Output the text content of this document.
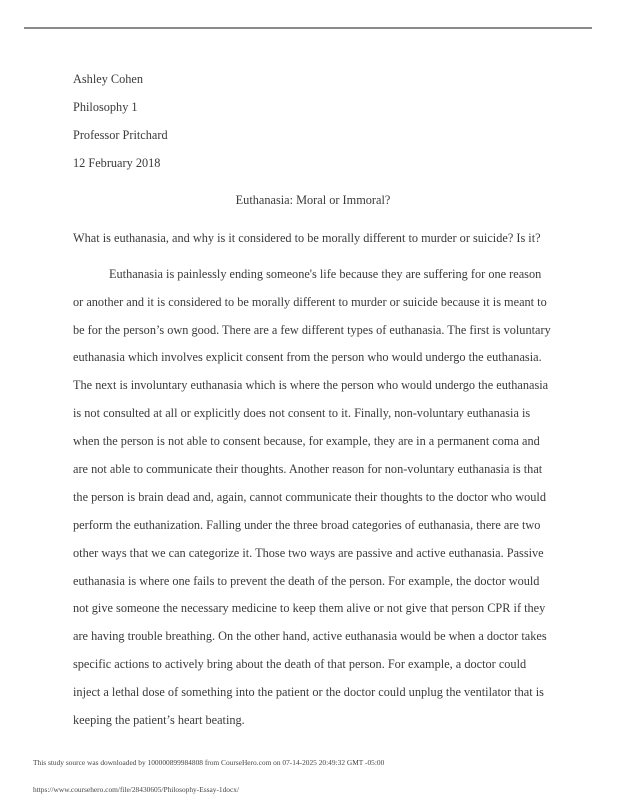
Ashley Cohen
Philosophy 1
Professor Pritchard
12 February 2018
Euthanasia: Moral or Immoral?
What is euthanasia, and why is it considered to be morally different to murder or suicide? Is it?
Euthanasia is painlessly ending someone's life because they are suffering for one reason
or another and it is considered to be morally different to murder or suicide because it is meant to
be for the person’s own good. There are a few different types of euthanasia. The first is voluntary
euthanasia which involves explicit consent from the person who would undergo the euthanasia.
The next is involuntary euthanasia which is where the person who would undergo the euthanasia
is not consulted at all or explicitly does not consent to it. Finally, non-voluntary euthanasia is
when the person is not able to consent because, for example, they are in a permanent coma and
are not able to communicate their thoughts. Another reason for non-voluntary euthanasia is that
the person is brain dead and, again, cannot communicate their thoughts to the doctor who would
perform the euthanization. Falling under the three broad categories of euthanasia, there are two
other ways that we can categorize it. Those two ways are passive and active euthanasia. Passive
euthanasia is where one fails to prevent the death of the person. For example, the doctor would
not give someone the necessary medicine to keep them alive or not give that person CPR if they
are having trouble breathing. On the other hand, active euthanasia would be when a doctor takes
specific actions to actively bring about the death of that person. For example, a doctor could
inject a lethal dose of something into the patient or the doctor could unplug the ventilator that is
keeping the patient’s heart beating.
This study source was downloaded by 100000899984808 from CourseHero.com on 07-14-2025 20:49:32 GMT -05:00
https://www.coursehero.com/file/28430605/Philosophy-Essay-1docx/
